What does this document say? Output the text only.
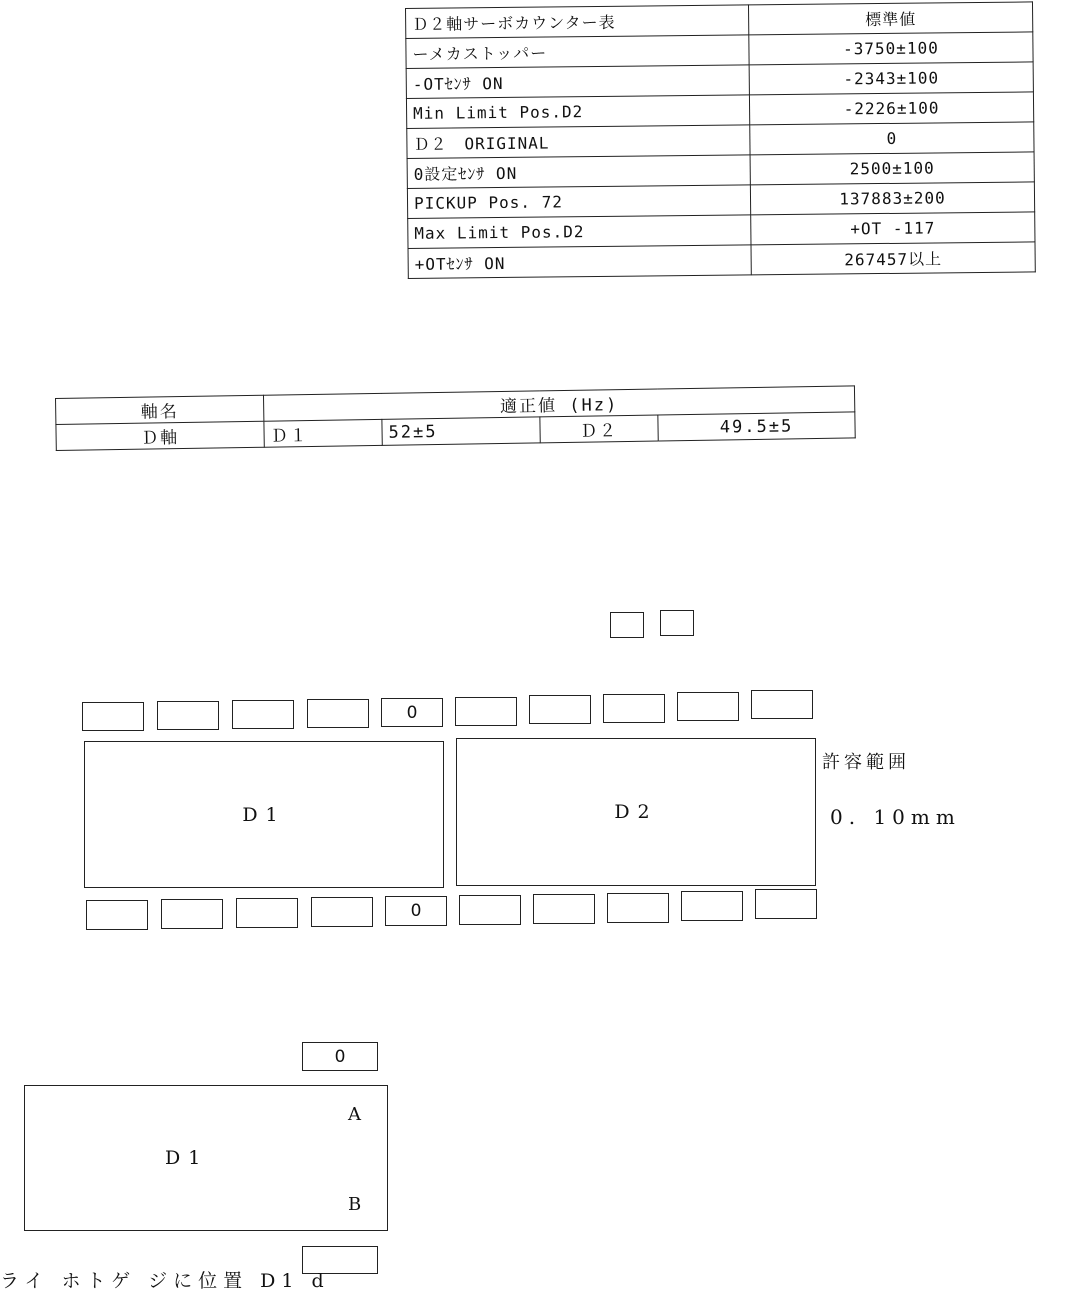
Ｄ２軸サーボカウンター表	標準値
ーメカストッパー	-3750±100
-OTｾﾝｻ ON	-2343±100
Min Limit Pos.D2	-2226±100
Ｄ２　ORIGINAL	0
0設定ｾﾝｻ ON	2500±100
PICKUP Pos. 72	137883±200
Max Limit Pos.D2	+OT -117
+OTｾﾝｻ ON	267457以上
軸名	適正値 (Hz)			
Ｄ軸	Ｄ１	52±5	Ｄ２	49.5±5
0
D1	D2
許容範囲
0. 10mm
0
0
D1
A
B
ライ ホトゲ ジに位置 D1 d
